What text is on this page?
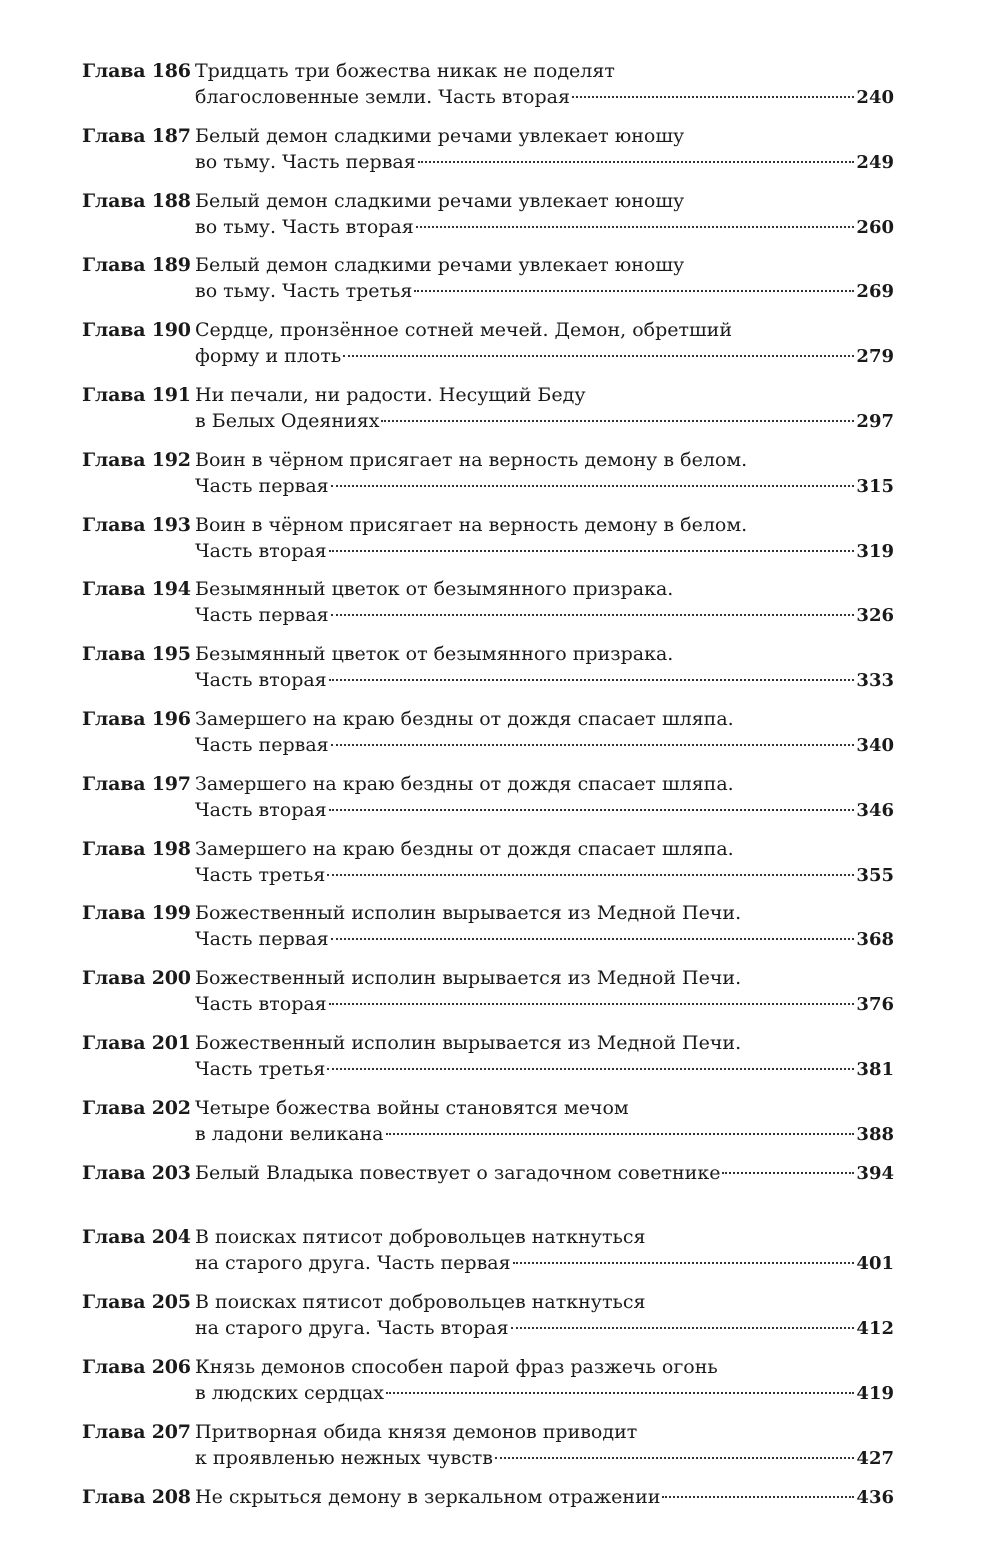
Глава 186 Тридцать три божества никак не поделят
благословенные земли. Часть вторая	240
Глава 187 Белый демон сладкими речами увлекает юношу
во тьму. Часть первая	249
Глава 188 Белый демон сладкими речами увлекает юношу
во тьму. Часть вторая	260
Глава 189 Белый демон сладкими речами увлекает юношу
во тьму. Часть третья	269
Глава 190 Сердце, пронзённое сотней мечей. Демон, обретший
форму и плоть	279
Глава 191 Ни печали, ни радости. Несущий Беду
в Белых Одеяниях	297
Глава 192 Воин в чёрном присягает на верность демону в белом.
Часть первая	315
Глава 193 Воин в чёрном присягает на верность демону в белом.
Часть вторая	319
Глава 194 Безымянный цветок от безымянного призрака.
Часть первая	326
Глава 195 Безымянный цветок от безымянного призрака.
Часть вторая	333
Глава 196 Замершего на краю бездны от дождя спасает шляпа.
Часть первая	340
Глава 197 Замершего на краю бездны от дождя спасает шляпа.
Часть вторая	346
Глава 198 Замершего на краю бездны от дождя спасает шляпа.
Часть третья	355
Глава 199 Божественный исполин вырывается из Медной Печи.
Часть первая	368
Глава 200 Божественный исполин вырывается из Медной Печи.
Часть вторая	376
Глава 201 Божественный исполин вырывается из Медной Печи.
Часть третья	381
Глава 202 Четыре божества войны становятся мечом
в ладони великана	388
Глава 203 Белый Владыка повествует о загадочном советнике	394
Глава 204 В поисках пятисот добровольцев наткнуться
на старого друга. Часть первая	401
Глава 205 В поисках пятисот добровольцев наткнуться
на старого друга. Часть вторая	412
Глава 206 Князь демонов способен парой фраз разжечь огонь
в людских сердцах	419
Глава 207 Притворная обида князя демонов приводит
к проявленью нежных чувств	427
Глава 208 Не скрыться демону в зеркальном отражении	436
